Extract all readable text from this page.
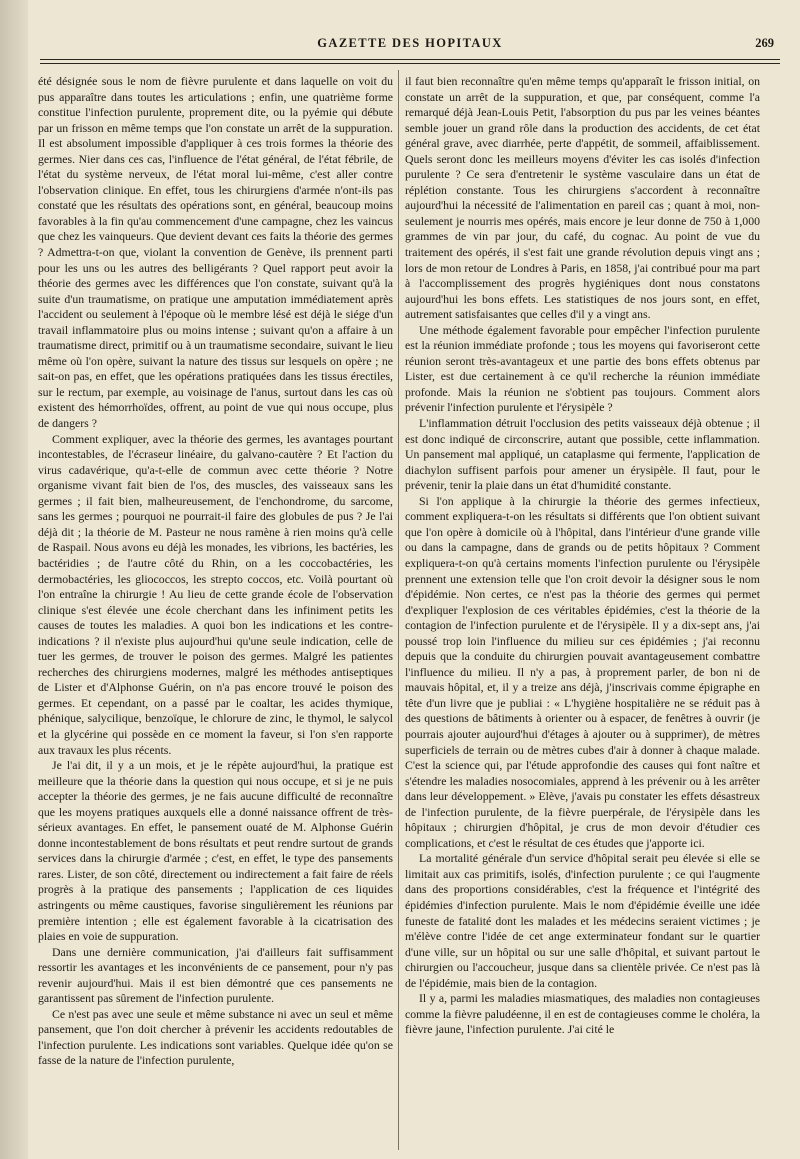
GAZETTE DES HOPITAUX	269

été désignée sous le nom de fièvre purulente et dans laquelle on voit du pus apparaître dans toutes les articulations ; enfin, une quatrième forme constitue l'infection purulente, proprement dite, ou la pyémie qui débute par un frisson en même temps que l'on constate un arrêt de la suppuration. Il est absolument impossible d'appliquer à ces trois formes la théorie des germes. Nier dans ces cas, l'influence de l'état général, de l'état fébrile, de l'état du système nerveux, de l'état moral lui-même, c'est aller contre l'observation clinique. En effet, tous les chirurgiens d'armée n'ont-ils pas constaté que les résultats des opérations sont, en général, beaucoup moins favorables à la fin qu'au commencement d'une campagne, chez les vaincus que chez les vainqueurs. Que devient devant ces faits la théorie des germes ? Admettra-t-on que, violant la convention de Genève, ils prennent parti pour les uns ou les autres des belligérants ? Quel rapport peut avoir la théorie des germes avec les différences que l'on constate, suivant qu'à la suite d'un traumatisme, on pratique une amputation immédiatement après l'accident ou seulement à l'époque où le membre lésé est déjà le siége d'un travail inflammatoire plus ou moins intense ; suivant qu'on a affaire à un traumatisme direct, primitif ou à un traumatisme secondaire, suivant le lieu même où l'on opère, suivant la nature des tissus sur lesquels on opère ; ne sait-on pas, en effet, que les opérations pratiquées dans les tissus érectiles, sur le rectum, par exemple, au voisinage de l'anus, surtout dans les cas où existent des hémorrhoïdes, offrent, au point de vue qui nous occupe, plus de dangers ?

Comment expliquer, avec la théorie des germes, les avantages pourtant incontestables, de l'écraseur linéaire, du galvano-cautère ? Et l'action du virus cadavérique, qu'a-t-elle de commun avec cette théorie ? Notre organisme vivant fait bien de l'os, des muscles, des vaisseaux sans les germes ; il fait bien, malheureusement, de l'enchondrome, du sarcome, sans les germes ; pourquoi ne pourrait-il faire des globules de pus ? Je l'ai déjà dit ; la théorie de M. Pasteur ne nous ramène à rien moins qu'à celle de Raspail. Nous avons eu déjà les monades, les vibrions, les bactéries, les bactéridies ; de l'autre côté du Rhin, on a les coccobactéries, les dermobactéries, les gliococcos, les strepto coccos, etc. Voilà pourtant où l'on entraîne la chirurgie ! Au lieu de cette grande école de l'observation clinique s'est élevée une école cherchant dans les infiniment petits les causes de toutes les maladies. A quoi bon les indications et les contre-indications ? il n'existe plus aujourd'hui qu'une seule indication, celle de tuer les germes, de trouver le poison des germes. Malgré les patientes recherches des chirurgiens modernes, malgré les méthodes antiseptiques de Lister et d'Alphonse Guérin, on n'a pas encore trouvé le poison des germes. Et cependant, on a passé par le coaltar, les acides thymique, phénique, salycilique, benzoïque, le chlorure de zinc, le thymol, le salycol et la glycérine qui possède en ce moment la faveur, si l'on s'en rapporte aux travaux les plus récents.

Je l'ai dit, il y a un mois, et je le répète aujourd'hui, la pratique est meilleure que la théorie dans la question qui nous occupe, et si je ne puis accepter la théorie des germes, je ne fais aucune difficulté de reconnaître que les moyens pratiques auxquels elle a donné naissance offrent de très-sérieux avantages. En effet, le pansement ouaté de M. Alphonse Guérin donne incontestablement de bons résultats et peut rendre surtout de grands services dans la chirurgie d'armée ; c'est, en effet, le type des pansements rares. Lister, de son côté, directement ou indirectement a fait faire de réels progrès à la pratique des pansements ; l'application de ces liquides astringents ou même caustiques, favorise singulièrement les réunions par première intention ; elle est également favorable à la cicatrisation des plaies en voie de suppuration.

Dans une dernière communication, j'ai d'ailleurs fait suffisamment ressortir les avantages et les inconvénients de ce pansement, pour n'y pas revenir aujourd'hui. Mais il est bien démontré que ces pansements ne garantissent pas sûrement de l'infection purulente.

Ce n'est pas avec une seule et même substance ni avec un seul et même pansement, que l'on doit chercher à prévenir les accidents redoutables de l'infection purulente. Les indications sont variables. Quelque idée qu'on se fasse de la nature de l'infection purulente,

il faut bien reconnaître qu'en même temps qu'apparaît le frisson initial, on constate un arrêt de la suppuration, et que, par conséquent, comme l'a remarqué déjà Jean-Louis Petit, l'absorption du pus par les veines béantes semble jouer un grand rôle dans la production des accidents, de cet état général grave, avec diarrhée, perte d'appétit, de sommeil, affaiblissement. Quels seront donc les meilleurs moyens d'éviter les cas isolés d'infection purulente ? Ce sera d'entretenir le système vasculaire dans un état de réplétion constante. Tous les chirurgiens s'accordent à reconnaître aujourd'hui la nécessité de l'alimentation en pareil cas ; quant à moi, non-seulement je nourris mes opérés, mais encore je leur donne de 750 à 1,000 grammes de vin par jour, du café, du cognac. Au point de vue du traitement des opérés, il s'est fait une grande révolution depuis vingt ans ; lors de mon retour de Londres à Paris, en 1858, j'ai contribué pour ma part à l'accomplissement des progrès hygiéniques dont nous constatons aujourd'hui les bons effets. Les statistiques de nos jours sont, en effet, autrement satisfaisantes que celles d'il y a vingt ans.

Une méthode également favorable pour empêcher l'infection purulente est la réunion immédiate profonde ; tous les moyens qui favoriseront cette réunion seront très-avantageux et une partie des bons effets obtenus par Lister, est due certainement à ce qu'il recherche la réunion immédiate profonde. Mais la réunion ne s'obtient pas toujours. Comment alors prévenir l'infection purulente et l'érysipèle ?

L'inflammation détruit l'occlusion des petits vaisseaux déjà obtenue ; il est donc indiqué de circonscrire, autant que possible, cette inflammation. Un pansement mal appliqué, un cataplasme qui fermente, l'application de diachylon suffisent parfois pour amener un érysipèle. Il faut, pour le prévenir, tenir la plaie dans un état d'humidité constante.

Si l'on applique à la chirurgie la théorie des germes infectieux, comment expliquera-t-on les résultats si différents que l'on obtient suivant que l'on opère à domicile où à l'hôpital, dans l'intérieur d'une grande ville ou dans la campagne, dans de grands ou de petits hôpitaux ? Comment expliquera-t-on qu'à certains moments l'infection purulente ou l'érysipèle prennent une extension telle que l'on croit devoir la désigner sous le nom d'épidémie. Non certes, ce n'est pas la théorie des germes qui permet d'expliquer l'explosion de ces véritables épidémies, c'est la théorie de la contagion de l'infection purulente et de l'érysipèle. Il y a dix-sept ans, j'ai poussé trop loin l'influence du milieu sur ces épidémies ; j'ai reconnu depuis que la conduite du chirurgien pouvait avantageusement combattre l'influence du milieu. Il n'y a pas, à proprement parler, de bon ni de mauvais hôpital, et, il y a treize ans déjà, j'inscrivais comme épigraphe en tête d'un livre que je publiai : « L'hygiène hospitalière ne se réduit pas à des questions de bâtiments à orienter ou à espacer, de fenêtres à ouvrir (je pourrais ajouter aujourd'hui d'étages à ajouter ou à supprimer), de mètres superficiels de terrain ou de mètres cubes d'air à donner à chaque malade. C'est la science qui, par l'étude approfondie des causes qui font naître et s'étendre les maladies nosocomiales, apprend à les prévenir ou à les arrêter dans leur développement. » Elève, j'avais pu constater les effets désastreux de l'infection purulente, de la fièvre puerpérale, de l'érysipèle dans les hôpitaux ; chirurgien d'hôpital, je crus de mon devoir d'étudier ces complications, et c'est le résultat de ces études que j'apporte ici.

La mortalité générale d'un service d'hôpital serait peu élevée si elle se limitait aux cas primitifs, isolés, d'infection purulente ; ce qui l'augmente dans des proportions considérables, c'est la fréquence et l'intégrité des épidémies d'infection purulente. Mais le nom d'épidémie éveille une idée funeste de fatalité dont les malades et les médecins seraient victimes ; je m'élève contre l'idée de cet ange exterminateur fondant sur le quartier d'une ville, sur un hôpital ou sur une salle d'hôpital, et suivant partout le chirurgien ou l'accoucheur, jusque dans sa clientèle privée. Ce n'est pas là de l'épidémie, mais bien de la contagion.

Il y a, parmi les maladies miasmatiques, des maladies non contagieuses comme la fièvre paludéenne, il en est de contagieuses comme le choléra, la fièvre jaune, l'infection purulente. J'ai cité le
